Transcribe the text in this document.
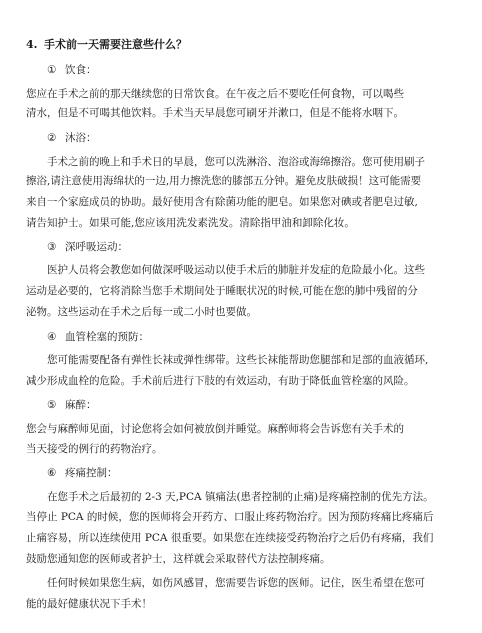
4. 手术前一天需要注意些什么？
① 饮食：
您应在手术之前的那天继续您的日常饮食。在午夜之后不要吃任何食物，可以喝些
清水，但是不可喝其他饮料。手术当天早晨您可刷牙并漱口，但是不能将水咽下。
② 沐浴：
手术之前的晚上和手术日的早晨，您可以洗淋浴、泡浴或海绵擦浴。您可使用刷子
擦浴,请注意使用海绵状的一边,用力擦洗您的膝部五分钟。避免皮肤破损！这可能需要
来自一个家庭成员的协助。最好使用含有除菌功能的肥皂。如果您对碘或者肥皂过敏,
请告知护士。如果可能,您应该用洗发素洗发。清除指甲油和卸除化妆。
③ 深呼吸运动：
医护人员将会教您如何做深呼吸运动以使手术后的肺脏并发症的危险最小化。这些
运动是必要的，它将消除当您手术期间处于睡眠状况的时候,可能在您的肺中残留的分
泌物。这些运动在手术之后每一或二小时也要做。
④ 血管栓塞的预防：
您可能需要配备有弹性长袜或弹性绑带。这些长袜能帮助您腿部和足部的血液循环,
减少形成血栓的危险。手术前后进行下肢的有效运动，有助于降低血管栓塞的风险。
⑤ 麻醉：
您会与麻醉师见面，讨论您将会如何被放倒并睡觉。麻醉师将会告诉您有关手术的
当天接受的例行的药物治疗。
⑥ 疼痛控制：
在您手术之后最初的 2-3 天,PCA 镇痛法(患者控制的止痛)是疼痛控制的优先方法。
当停止 PCA 的时候，您的医师将会开药方、口服止疼药物治疗。因为预防疼痛比疼痛后
止痛容易，所以连续使用 PCA 很重要。如果您在连续接受药物治疗之后仍有疼痛，我们
鼓励您通知您的医师或者护士，这样就会采取替代方法控制疼痛。
任何时候如果您生病，如伤风感冒，您需要告诉您的医师。记住，医生希望在您可
能的最好健康状况下手术！
